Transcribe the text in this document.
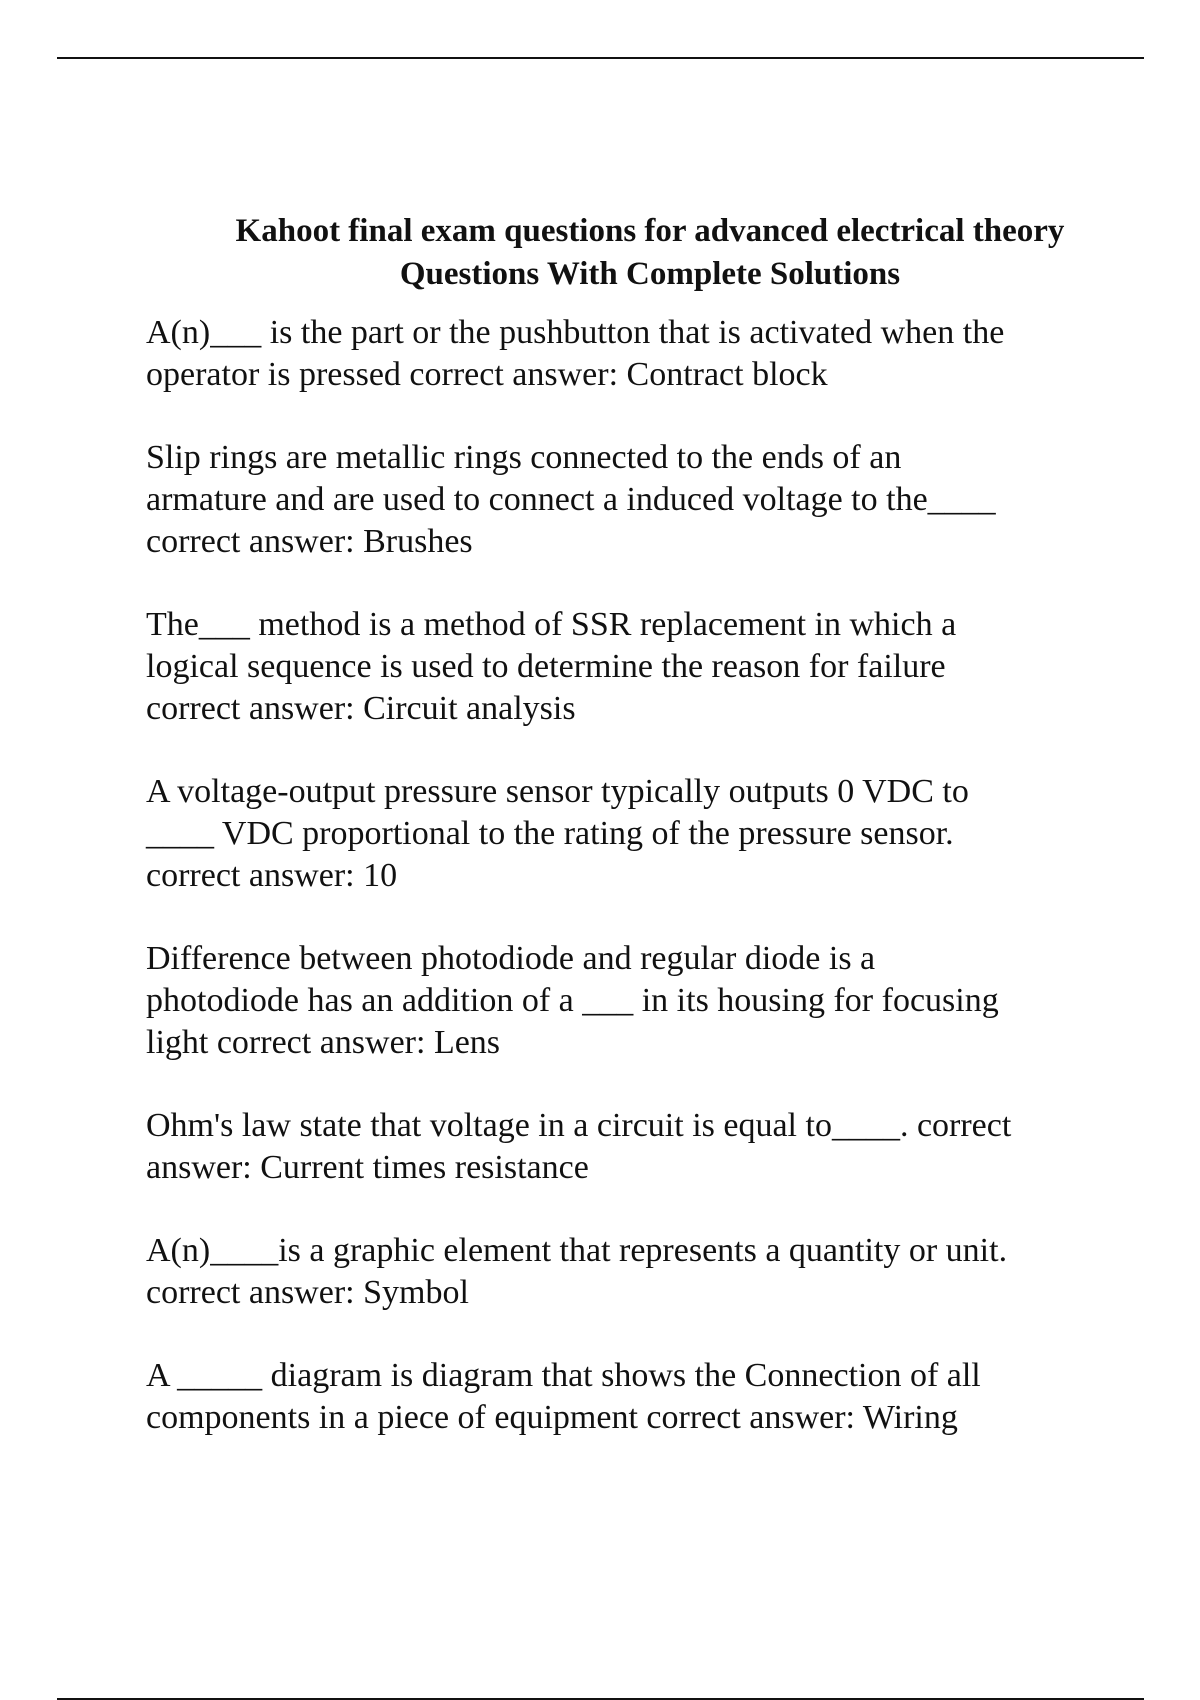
Kahoot final exam questions for advanced electrical theory
Questions With Complete Solutions

A(n)___ is the part or the pushbutton that is activated when the
operator is pressed correct answer: Contract block

Slip rings are metallic rings connected to the ends of an
armature and are used to connect a induced voltage to the____
correct answer: Brushes

The___ method is a method of SSR replacement in which a
logical sequence is used to determine the reason for failure
correct answer: Circuit analysis

A voltage-output pressure sensor typically outputs 0 VDC to
____ VDC proportional to the rating of the pressure sensor.
correct answer: 10

Difference between photodiode and regular diode is a
photodiode has an addition of a ___ in its housing for focusing
light correct answer: Lens

Ohm's law state that voltage in a circuit is equal to____. correct
answer: Current times resistance

A(n)____is a graphic element that represents a quantity or unit.
correct answer: Symbol

A _____ diagram is diagram that shows the Connection of all
components in a piece of equipment correct answer: Wiring
